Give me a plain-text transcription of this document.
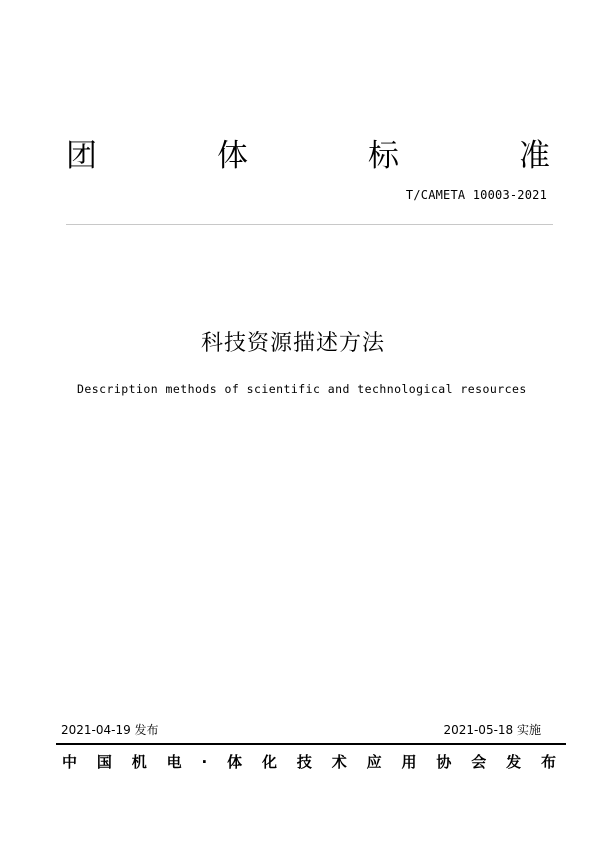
团	体	标	准
T/CAMETA 10003-2021
科技资源描述方法
Description methods of scientific and technological resources
2021-04-19 发布	2021-05-18 实施
中 国 机 电 · 体 化 技 术 应 用 协 会 发 布
